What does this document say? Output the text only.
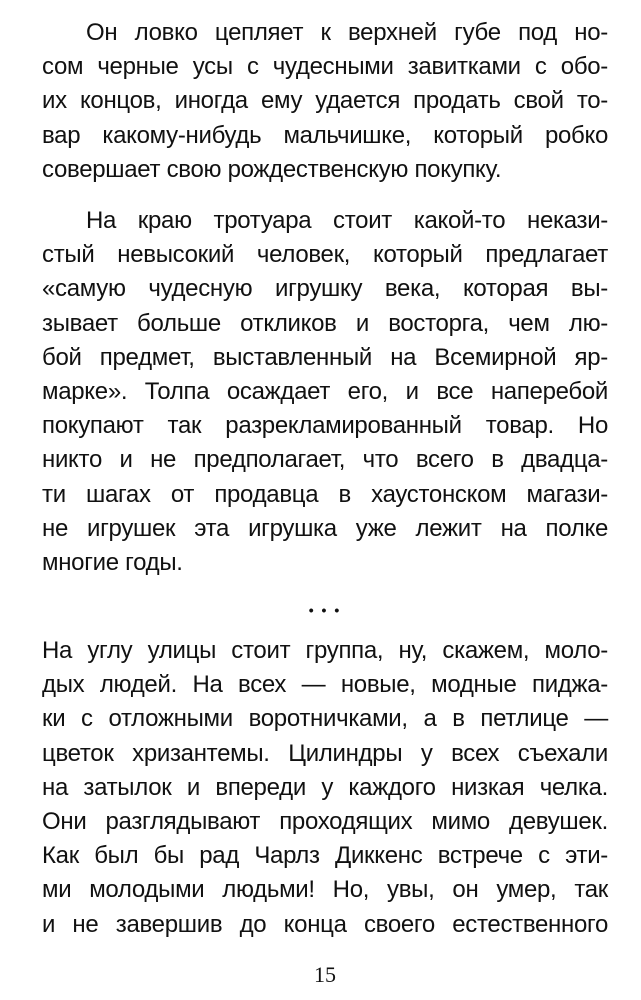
Он ловко цепляет к верхней губе под но-
сом черные усы с чудесными завитками с обо-
их концов, иногда ему удается продать свой то-
вар какому-нибудь мальчишке, который робко
совершает свою рождественскую покупку.
На краю тротуара стоит какой-то некази-
стый невысокий человек, который предлагает
«самую чудесную игрушку века, которая вы-
зывает больше откликов и восторга, чем лю-
бой предмет, выставленный на Всемирной яр-
марке». Толпа осаждает его, и все наперебой
покупают так разрекламированный товар. Но
никто и не предполагает, что всего в двадца-
ти шагах от продавца в хаустонском магази-
не игрушек эта игрушка уже лежит на полке
многие годы.
• • •
На углу улицы стоит группа, ну, скажем, моло-
дых людей. На всех — новые, модные пиджа-
ки с отложными воротничками, а в петлице —
цветок хризантемы. Цилиндры у всех съехали
на затылок и впереди у каждого низкая челка.
Они разглядывают проходящих мимо девушек.
Как был бы рад Чарлз Диккенс встрече с эти-
ми молодыми людьми! Но, увы, он умер, так
и не завершив до конца своего естественного
15
